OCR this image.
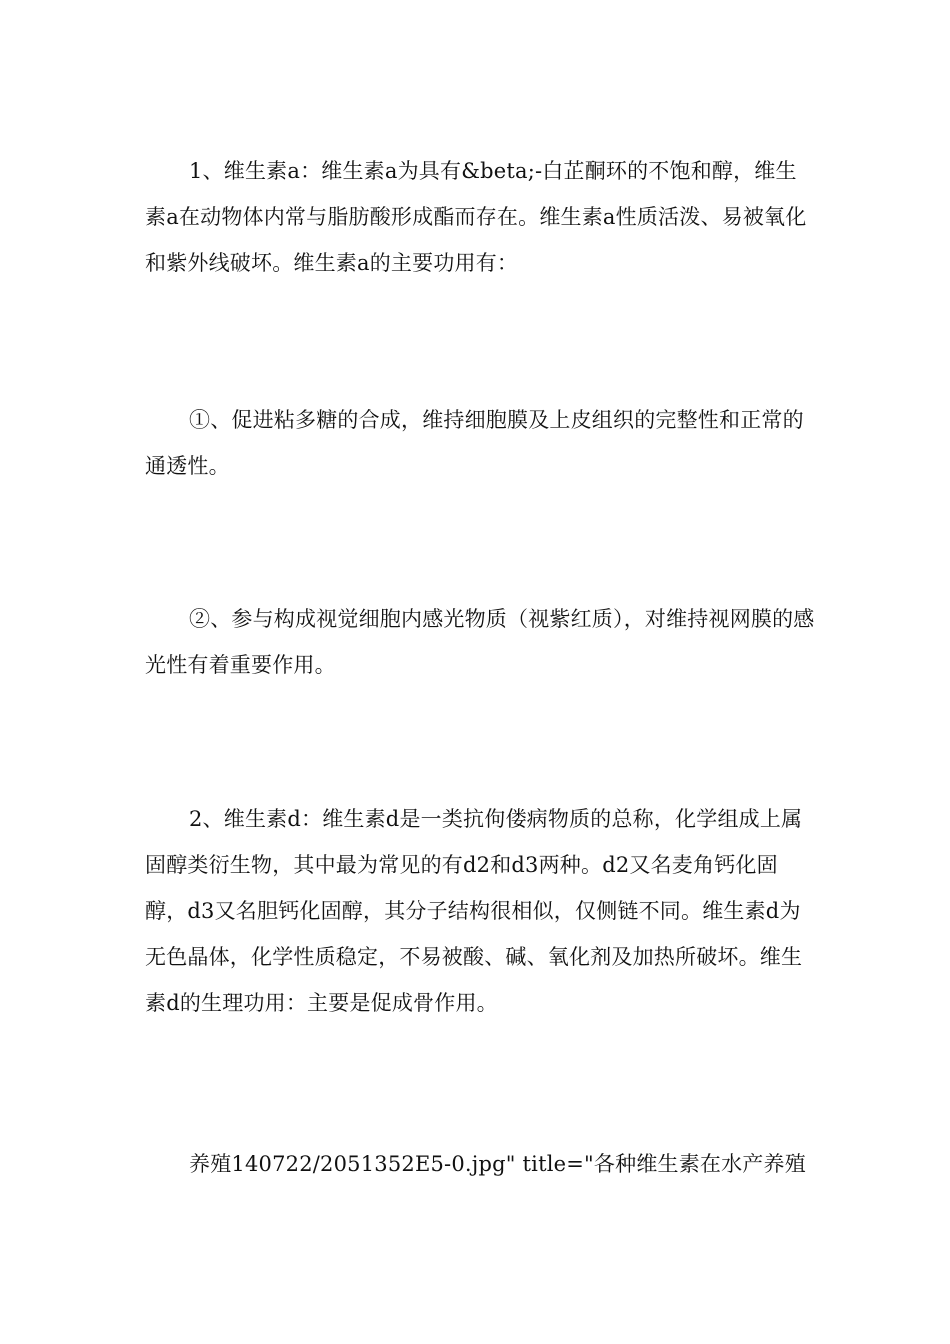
1、维生素a：维生素a为具有&beta;-白芷酮环的不饱和醇，维生素a在动物体内常与脂肪酸形成酯而存在。维生素a性质活泼、易被氧化和紫外线破坏。维生素a的主要功用有：

①、促进粘多糖的合成，维持细胞膜及上皮组织的完整性和正常的通透性。

②、参与构成视觉细胞内感光物质（视紫红质），对维持视网膜的感光性有着重要作用。

2、维生素d：维生素d是一类抗佝偻病物质的总称，化学组成上属固醇类衍生物，其中最为常见的有d2和d3两种。d2又名麦角钙化固醇，d3又名胆钙化固醇，其分子结构很相似，仅侧链不同。维生素d为无色晶体，化学性质稳定，不易被酸、碱、氧化剂及加热所破坏。维生素d的生理功用：主要是促成骨作用。

养殖140722/2051352E5-0.jpg" title="各种维生素在水产养殖
